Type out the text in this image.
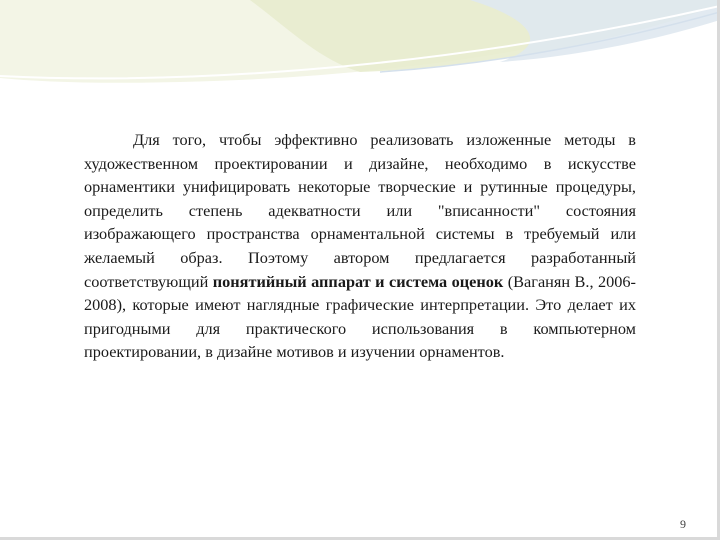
Для того, чтобы эффективно реализовать изложенные методы в художественном проектировании и дизайне, необходимо в искусстве орнаментики унифицировать некоторые творческие и рутинные процедуры, определить степень адекватности или "вписанности" состояния изображающего пространства орнаментальной системы в требуемый или желаемый образ. Поэтому автором предлагается разработанный соответствующий понятийный аппарат и система оценок (Ваганян В., 2006-2008), которые имеют наглядные графические интерпретации. Это делает их пригодными для практического использования в компьютерном проектировании, в дизайне мотивов и изучении орнаментов.

9
